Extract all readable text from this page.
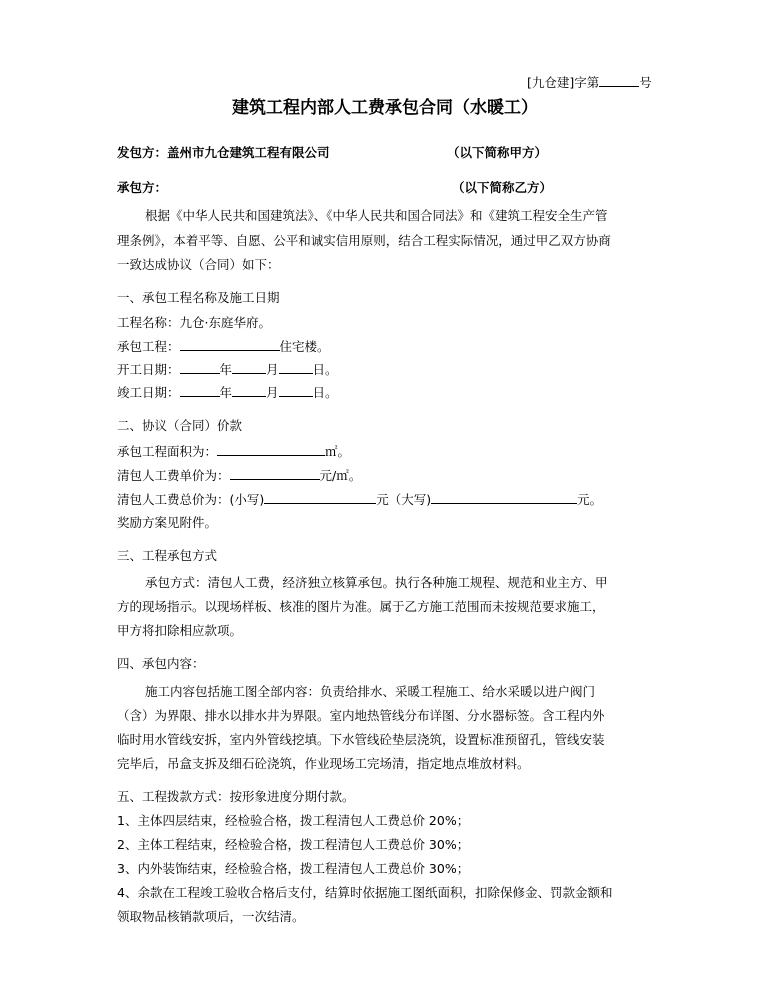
[九仓建]字第	号
建筑工程内部人工费承包合同（水暖工）
发包方：盖州市九仓建筑工程有限公司	（以下简称甲方）
承包方：	（以下简称乙方）
根据《中华人民共和国建筑法》、《中华人民共和国合同法》和《建筑工程安全生产管
理条例》，本着平等、自愿、公平和诚实信用原则，结合工程实际情况，通过甲乙双方协商
一致达成协议（合同）如下：
一、承包工程名称及施工日期
工程名称：九仓·东庭华府。
承包工程：	住宅楼。
开工日期：	年	月	日。
竣工日期：	年	月	日。
二、协议（合同）价款
承包工程面积为：	㎡。
清包人工费单价为：	元/㎡。
清包人工费总价为：(小写)	元（大写)	元。
奖励方案见附件。
三、工程承包方式
承包方式：清包人工费，经济独立核算承包。执行各种施工规程、规范和业主方、甲
方的现场指示。以现场样板、核准的图片为准。属于乙方施工范围而未按规范要求施工，
甲方将扣除相应款项。
四、承包内容：
施工内容包括施工图全部内容：负责给排水、采暖工程施工、给水采暖以进户阀门
（含）为界限、排水以排水井为界限。室内地热管线分布详图、分水器标签。含工程内外
临时用水管线安拆，室内外管线挖填。下水管线砼垫层浇筑，设置标准预留孔，管线安装
完毕后，吊盒支拆及细石砼浇筑，作业现场工完场清，指定地点堆放材料。
五、工程拨款方式：按形象进度分期付款。
1、主体四层结束，经检验合格，拨工程清包人工费总价 20%；
2、主体工程结束，经检验合格，拨工程清包人工费总价 30%；
3、内外装饰结束，经检验合格，拨工程清包人工费总价 30%；
4、余款在工程竣工验收合格后支付，结算时依据施工图纸面积，扣除保修金、罚款金额和
领取物品核销款项后，一次结清。
